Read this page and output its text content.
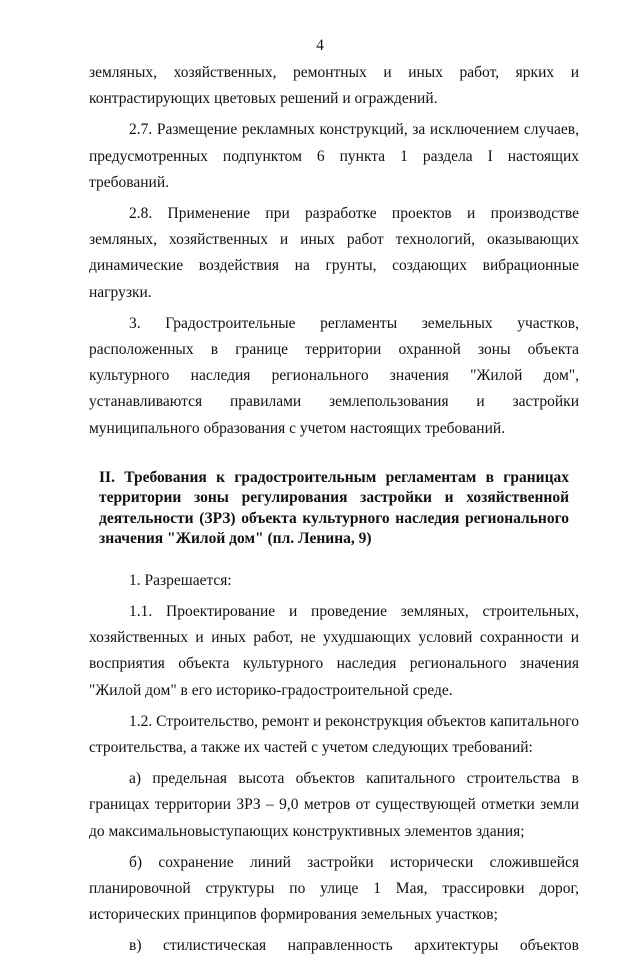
4

земляных, хозяйственных, ремонтных и иных работ, ярких и контрастирующих цветовых решений и ограждений.

2.7. Размещение рекламных конструкций, за исключением случаев, предусмотренных подпунктом 6 пункта 1 раздела I настоящих требований.

2.8. Применение при разработке проектов и производстве земляных, хозяйственных и иных работ технологий, оказывающих динамические воздействия на грунты, создающих вибрационные нагрузки.

3. Градостроительные регламенты земельных участков, расположенных в границе территории охранной зоны объекта культурного наследия регионального значения "Жилой дом", устанавливаются правилами землепользования и застройки муниципального образования с учетом настоящих требований.

II. Требования к градостроительным регламентам в границах территории зоны регулирования застройки и хозяйственной деятельности (ЗРЗ) объекта культурного наследия регионального значения "Жилой дом" (пл. Ленина, 9)

1. Разрешается:

1.1. Проектирование и проведение земляных, строительных, хозяйственных и иных работ, не ухудшающих условий сохранности и восприятия объекта культурного наследия регионального значения "Жилой дом" в его историко-градостроительной среде.

1.2. Строительство, ремонт и реконструкция объектов капитального строительства, а также их частей с учетом следующих требований:

а) предельная высота объектов капитального строительства в границах территории ЗРЗ – 9,0 метров от существующей отметки земли до максимальновыступающих конструктивных элементов здания;

б) сохранение линий застройки исторически сложившейся планировочной структуры по улице 1 Мая, трассировки дорог, исторических принципов формирования земельных участков;

в) стилистическая направленность архитектуры объектов
